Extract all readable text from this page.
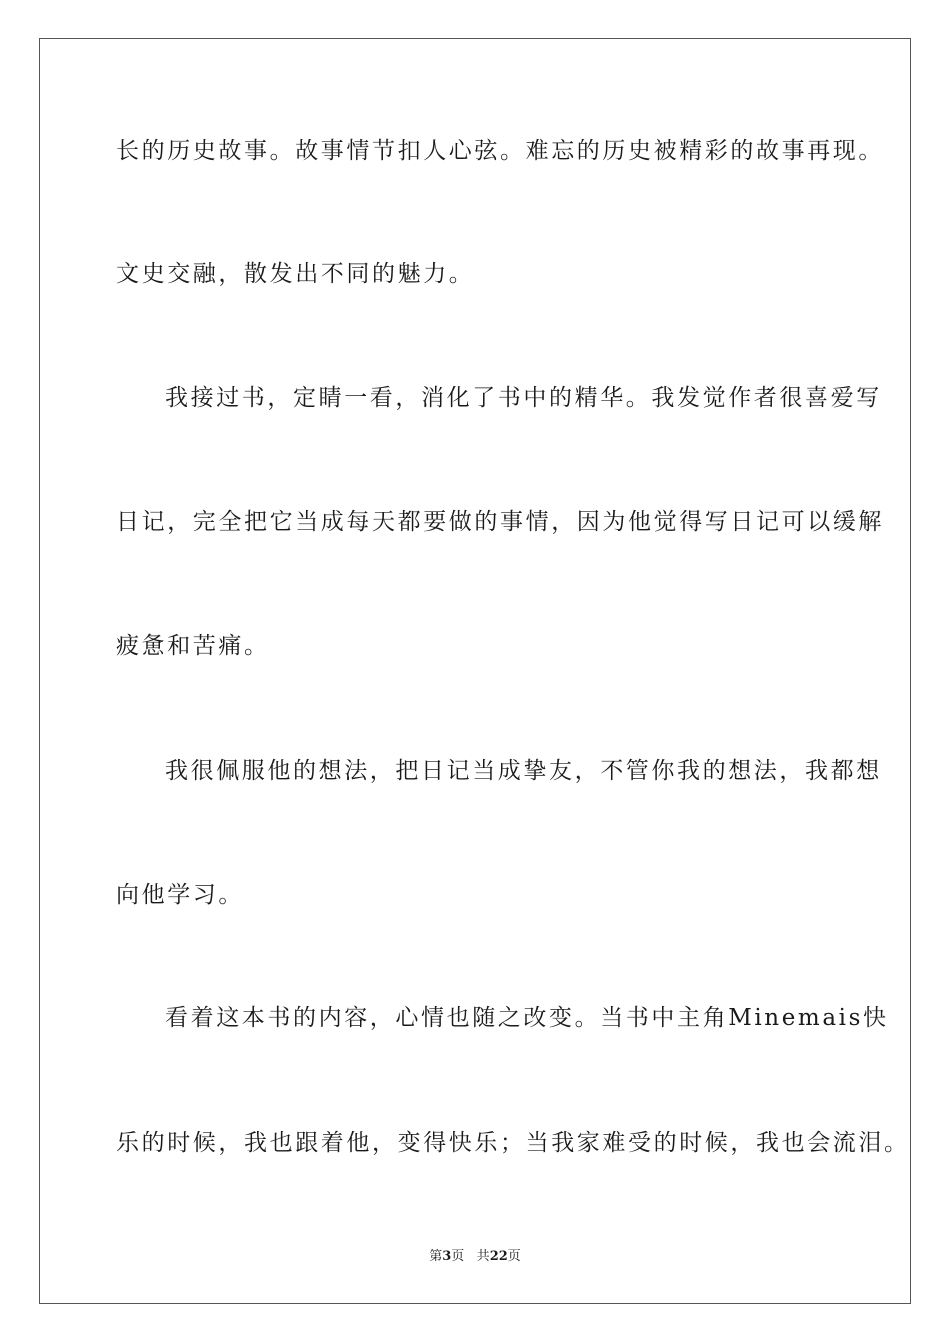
长的历史故事。故事情节扣人心弦。难忘的历史被精彩的故事再现。
文史交融，散发出不同的魅力。
我接过书，定睛一看，消化了书中的精华。我发觉作者很喜爱写
日记，完全把它当成每天都要做的事情，因为他觉得写日记可以缓解
疲惫和苦痛。
我很佩服他的想法，把日记当成挚友，不管你我的想法，我都想
向他学习。
看着这本书的内容，心情也随之改变。当书中主角Minemais快
乐的时候，我也跟着他，变得快乐；当我家难受的时候，我也会流泪。
第3页 共22页
